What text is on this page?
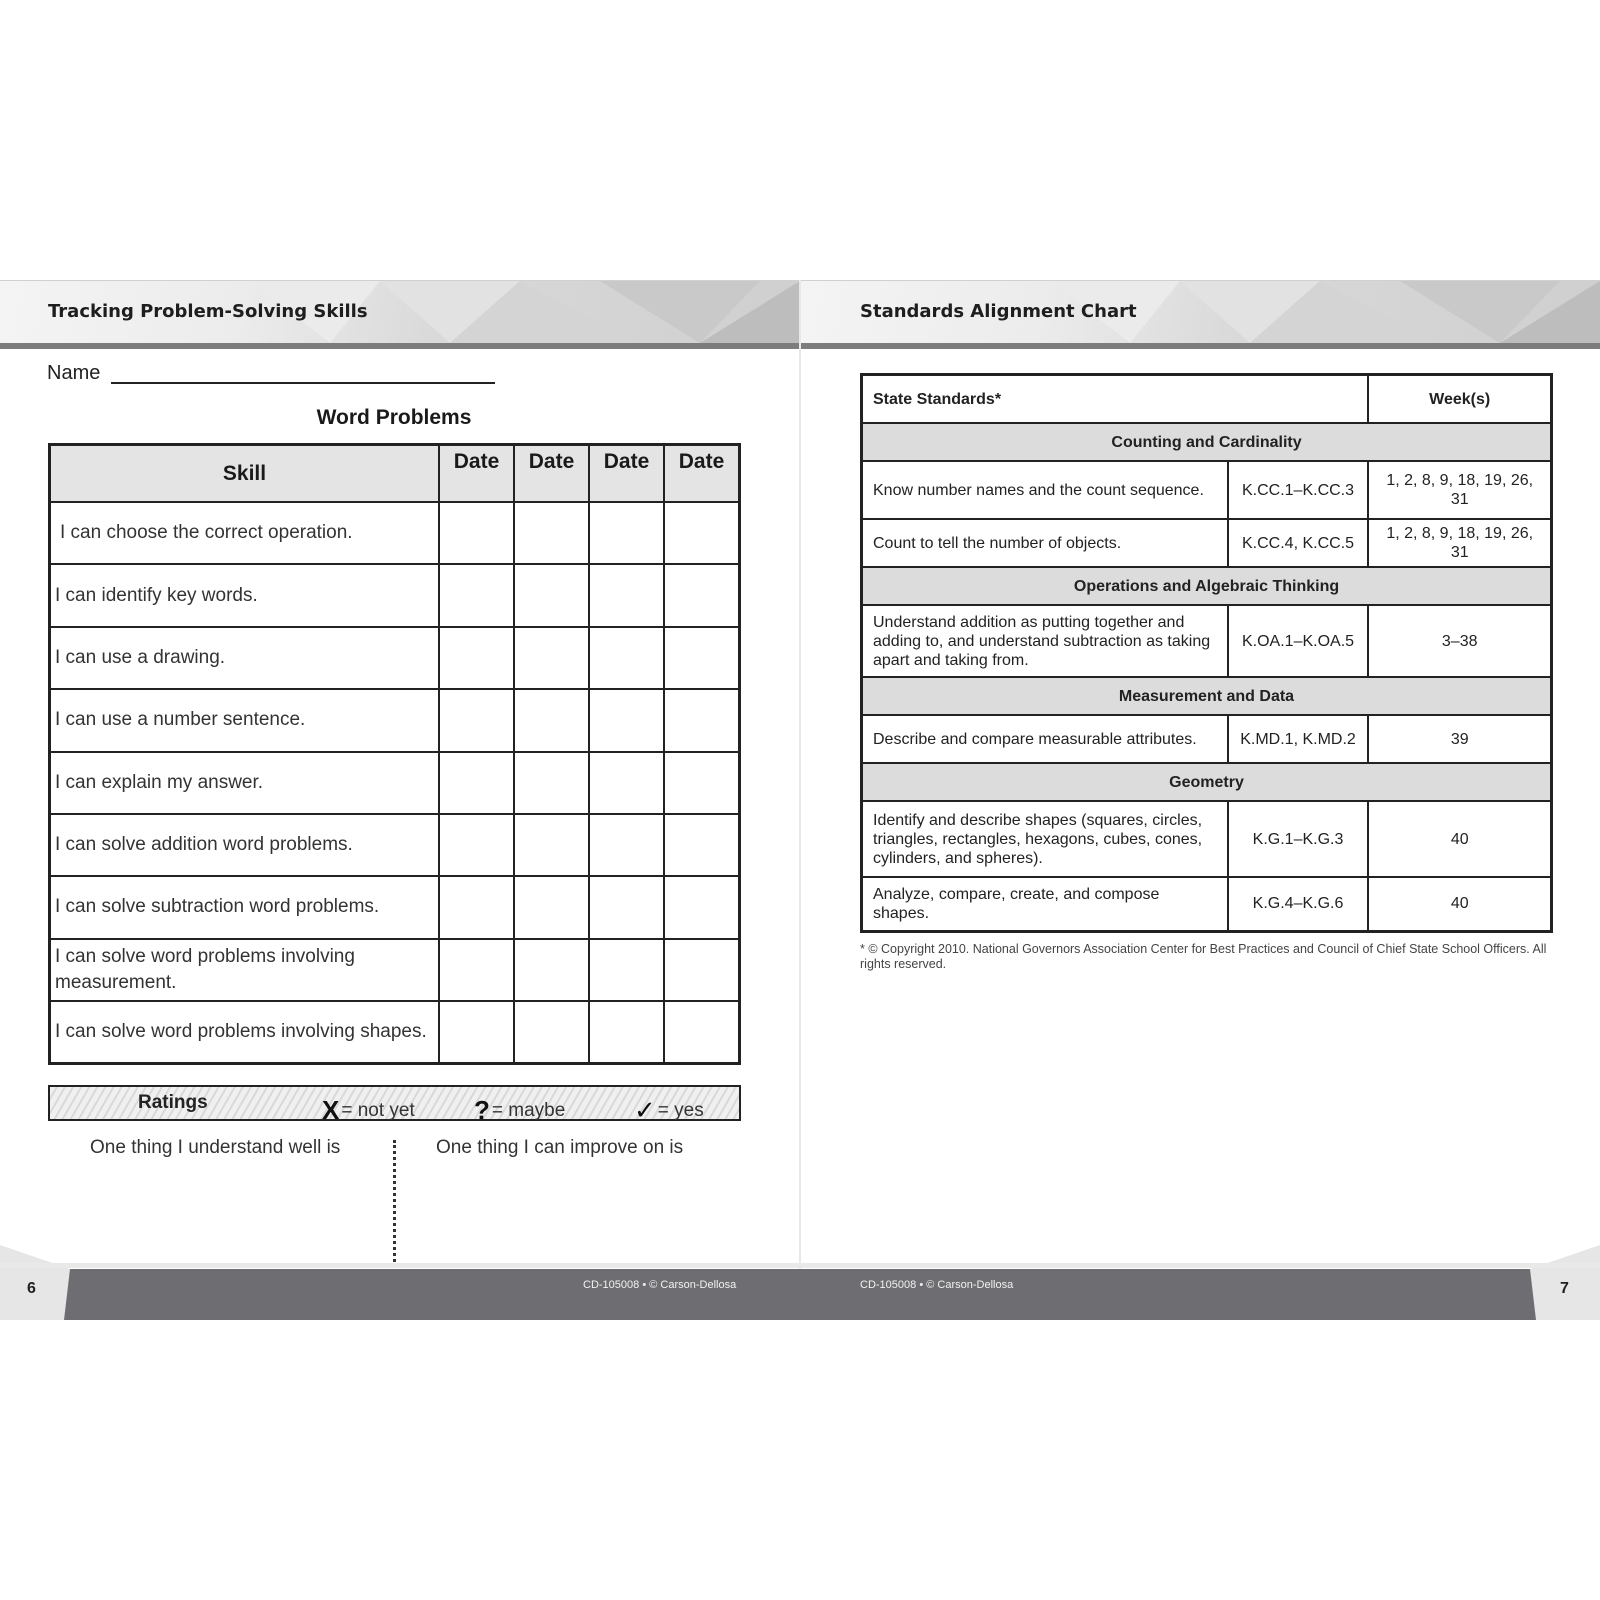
Tracking Problem-Solving Skills	Standards Alignment Chart
Name
Word Problems
Skill	Date	Date	Date	Date
I can choose the correct operation.				
I can identify key words.				
I can use a drawing.				
I can use a number sentence.				
I can explain my answer.				
I can solve addition word problems.				
I can solve subtraction word problems.				
I can solve word problems involving measurement.				
I can solve word problems involving shapes.				
Ratings	X = not yet ? = maybe	✓ = yes
One thing I understand well is	One thing I can improve on is
State Standards*		Week(s)
Counting and Cardinality		
Know number names and the count sequence.	K.CC.1–K.CC.3	1, 2, 8, 9, 18, 19, 26, 31
Count to tell the number of objects.	K.CC.4, K.CC.5	1, 2, 8, 9, 18, 19, 26, 31
Operations and Algebraic Thinking		
Understand addition as putting together and adding to, and understand subtraction as taking apart and taking from.	K.OA.1–K.OA.5	3–38
Measurement and Data		
Describe and compare measurable attributes.	K.MD.1, K.MD.2	39
Geometry		
Identify and describe shapes (squares, circles, triangles, rectangles, hexagons, cubes, cones, cylinders, and spheres).	K.G.1–K.G.3	40
Analyze, compare, create, and compose shapes.	K.G.4–K.G.6	40
* © Copyright 2010. National Governors Association Center for Best Practices and Council of Chief State School Officers. All rights reserved.
6	CD-105008 • © Carson-Dellosa	CD-105008 • © Carson-Dellosa	7
